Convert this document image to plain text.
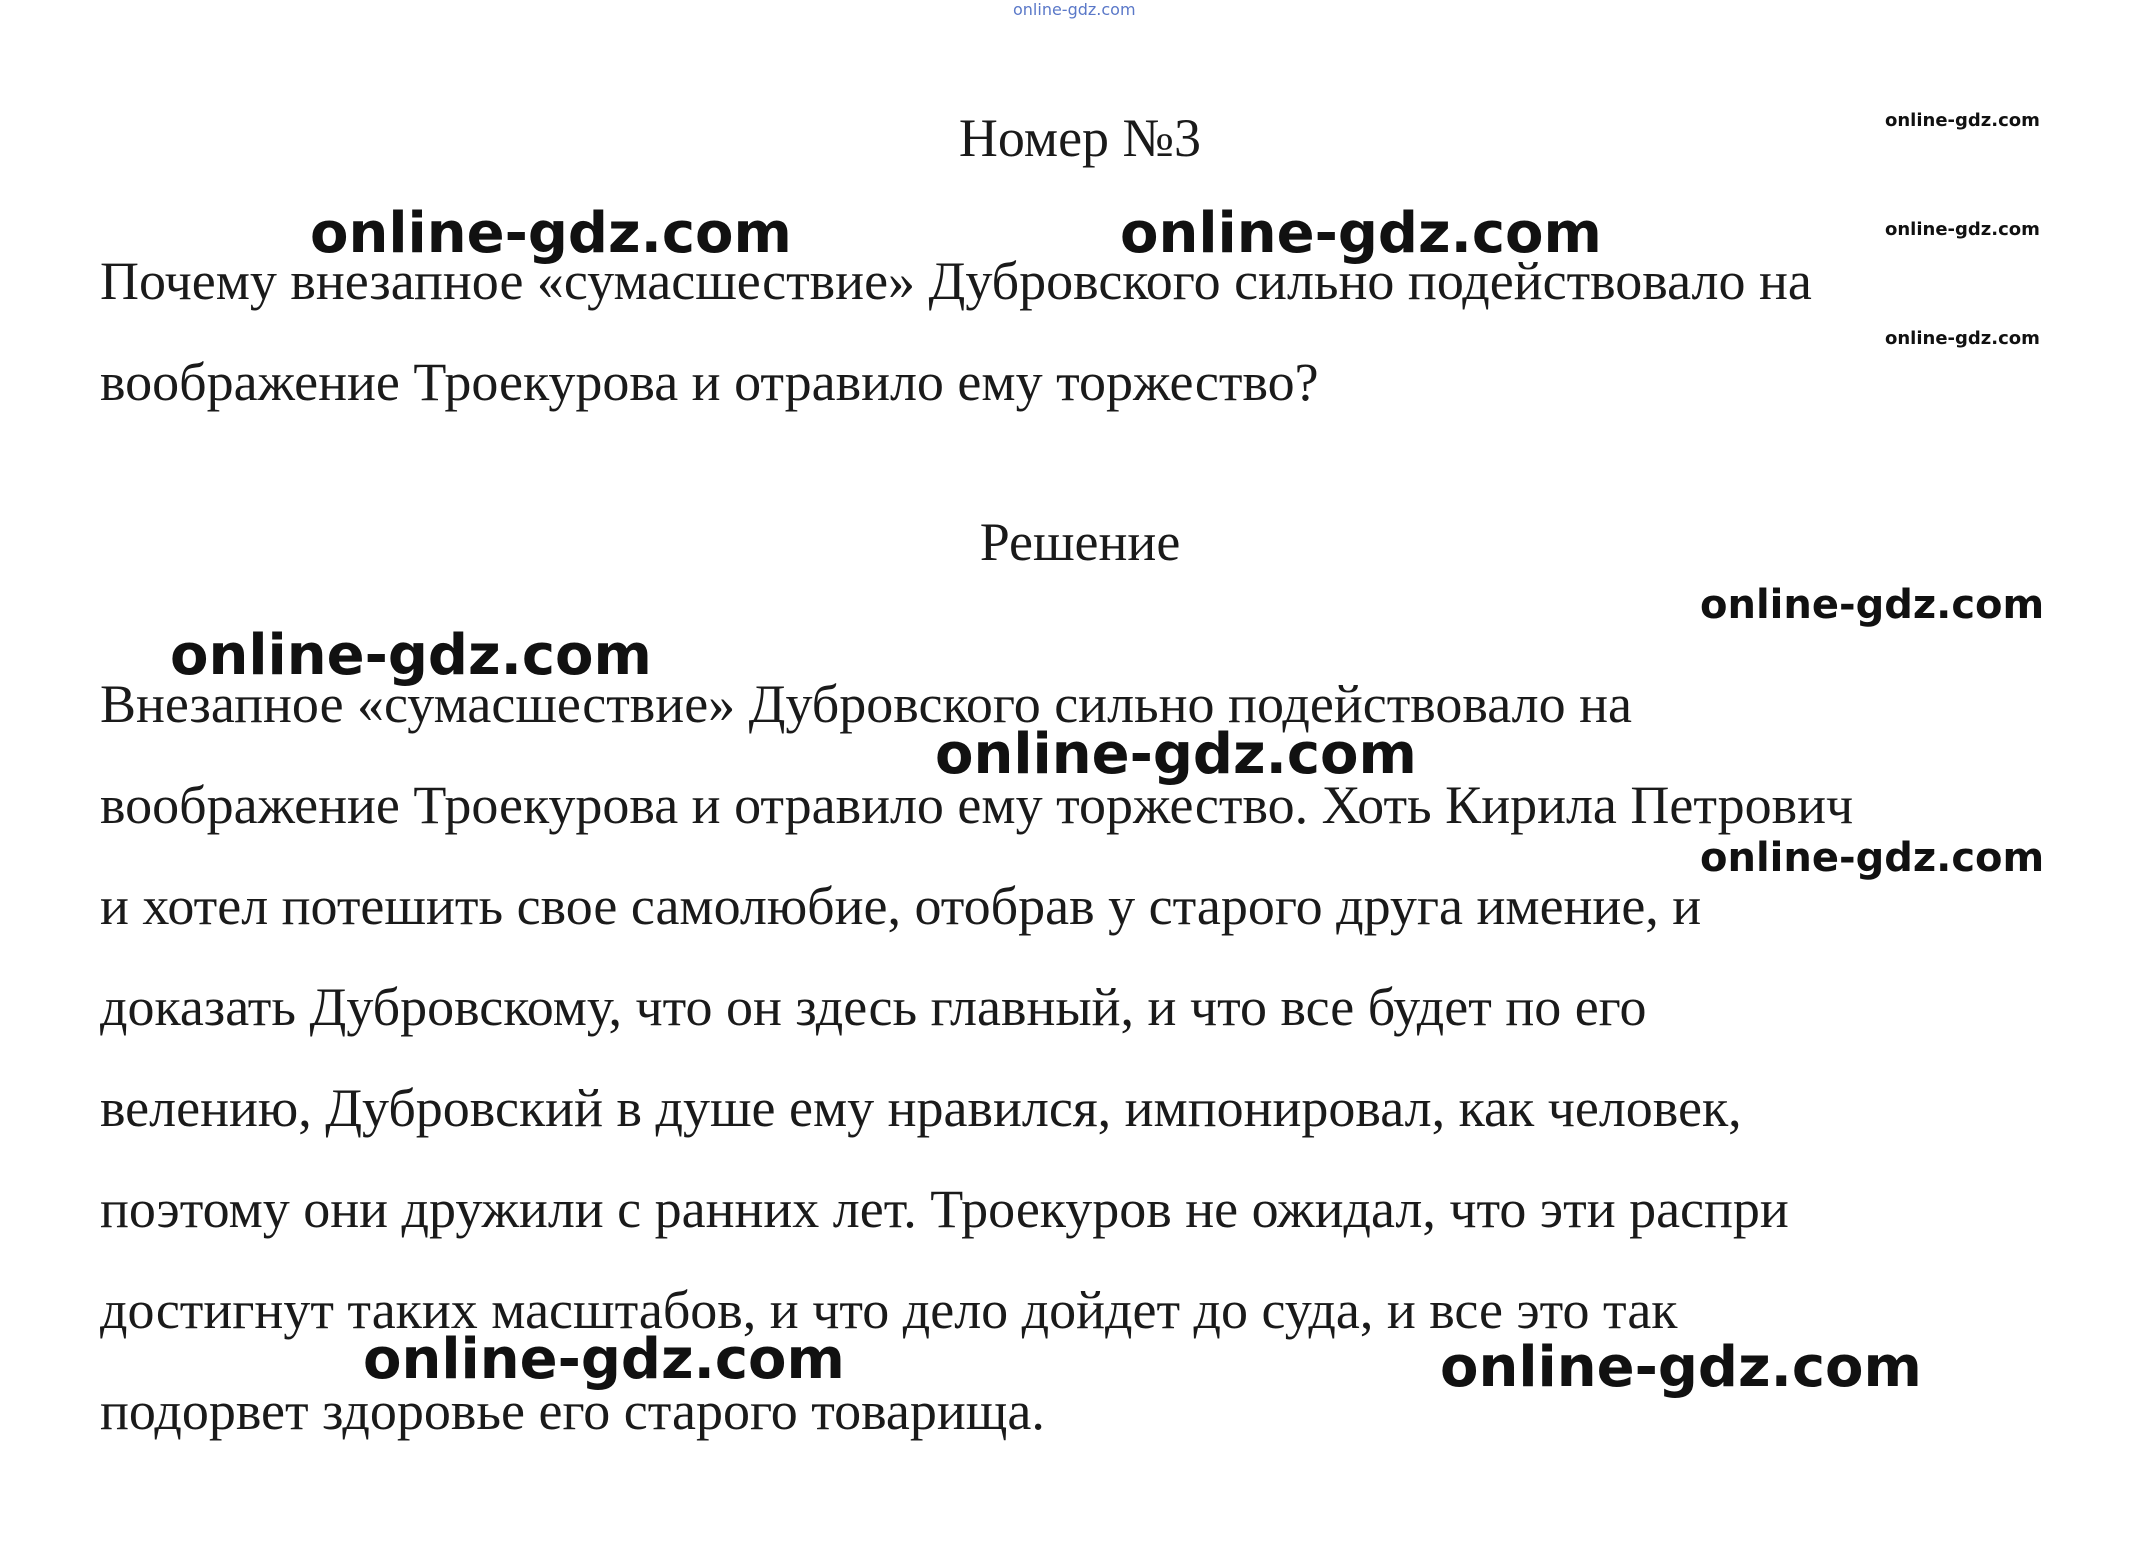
online-gdz.com
online-gdz.com
online-gdz.com
online-gdz.com
online-gdz.com	online-gdz.com
online-gdz.com
online-gdz.com
online-gdz.com
online-gdz.com
online-gdz.com	online-gdz.com
Номер №3
Почему внезапное «сумасшествие» Дубровского сильно подействовало на
воображение Троекурова и отравило ему торжество?
Решение
Внезапное «сумасшествие» Дубровского сильно подействовало на
воображение Троекурова и отравило ему торжество. Хоть Кирила Петрович
и хотел потешить свое самолюбие, отобрав у старого друга имение, и
доказать Дубровскому, что он здесь главный, и что все будет по его
велению, Дубровский в душе ему нравился, импонировал, как человек,
поэтому они дружили с ранних лет. Троекуров не ожидал, что эти распри
достигнут таких масштабов, и что дело дойдет до суда, и все это так
подорвет здоровье его старого товарища.
